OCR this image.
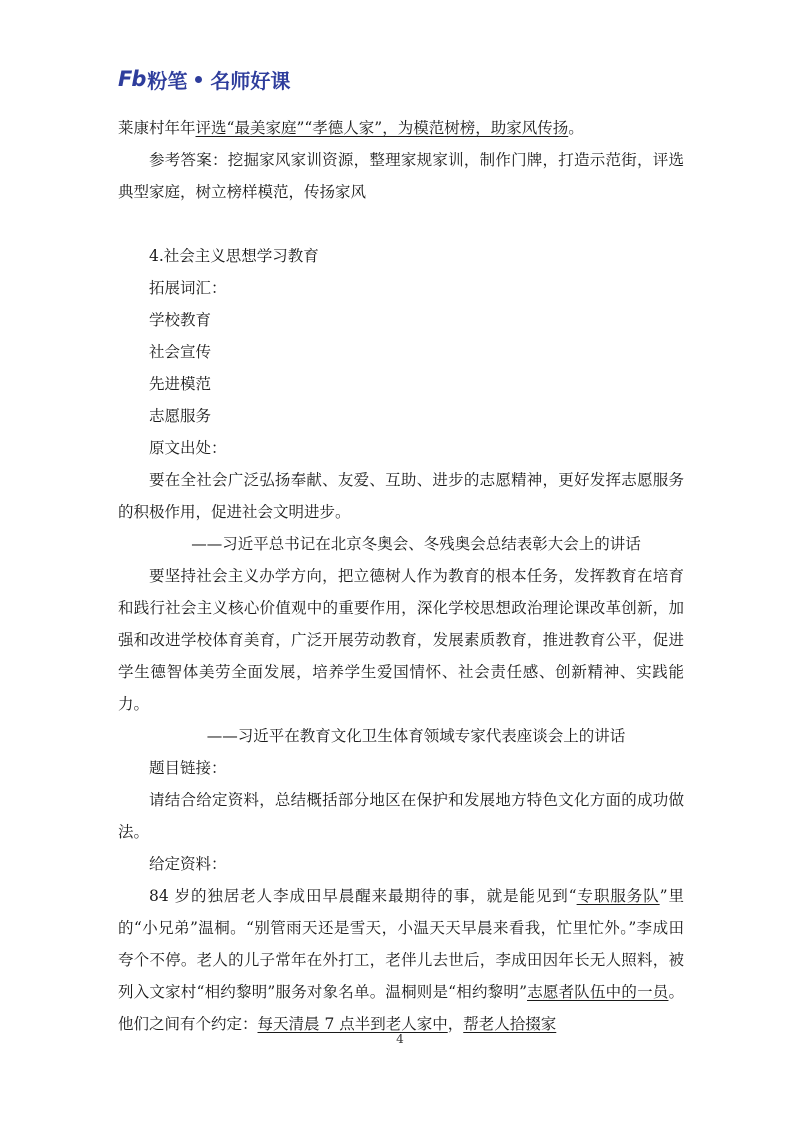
Fb 粉笔 名师好课

莱康村年年评选“最美家庭”“孝德人家”，为模范树榜，助家风传扬。

参考答案：挖掘家风家训资源，整理家规家训，制作门牌，打造示范街，评选典型家庭，树立榜样模范，传扬家风

4.社会主义思想学习教育

拓展词汇：

学校教育

社会宣传

先进模范

志愿服务

原文出处：

要在全社会广泛弘扬奉献、友爱、互助、进步的志愿精神，更好发挥志愿服务的积极作用，促进社会文明进步。

——习近平总书记在北京冬奥会、冬残奥会总结表彰大会上的讲话

要坚持社会主义办学方向，把立德树人作为教育的根本任务，发挥教育在培育和践行社会主义核心价值观中的重要作用，深化学校思想政治理论课改革创新，加强和改进学校体育美育，广泛开展劳动教育，发展素质教育，推进教育公平，促进学生德智体美劳全面发展，培养学生爱国情怀、社会责任感、创新精神、实践能力。

——习近平在教育文化卫生体育领域专家代表座谈会上的讲话

题目链接：

请结合给定资料，总结概括部分地区在保护和发展地方特色文化方面的成功做法。

给定资料：

84 岁的独居老人李成田早晨醒来最期待的事，就是能见到“专职服务队”里的“小兄弟”温桐。“别管雨天还是雪天，小温天天早晨来看我，忙里忙外。”李成田夸个不停。老人的儿子常年在外打工，老伴儿去世后，李成田因年长无人照料，被列入文家村“相约黎明”服务对象名单。温桐则是“相约黎明”志愿者队伍中的一员。他们之间有个约定：每天清晨 7 点半到老人家中，帮老人拾掇家

4
